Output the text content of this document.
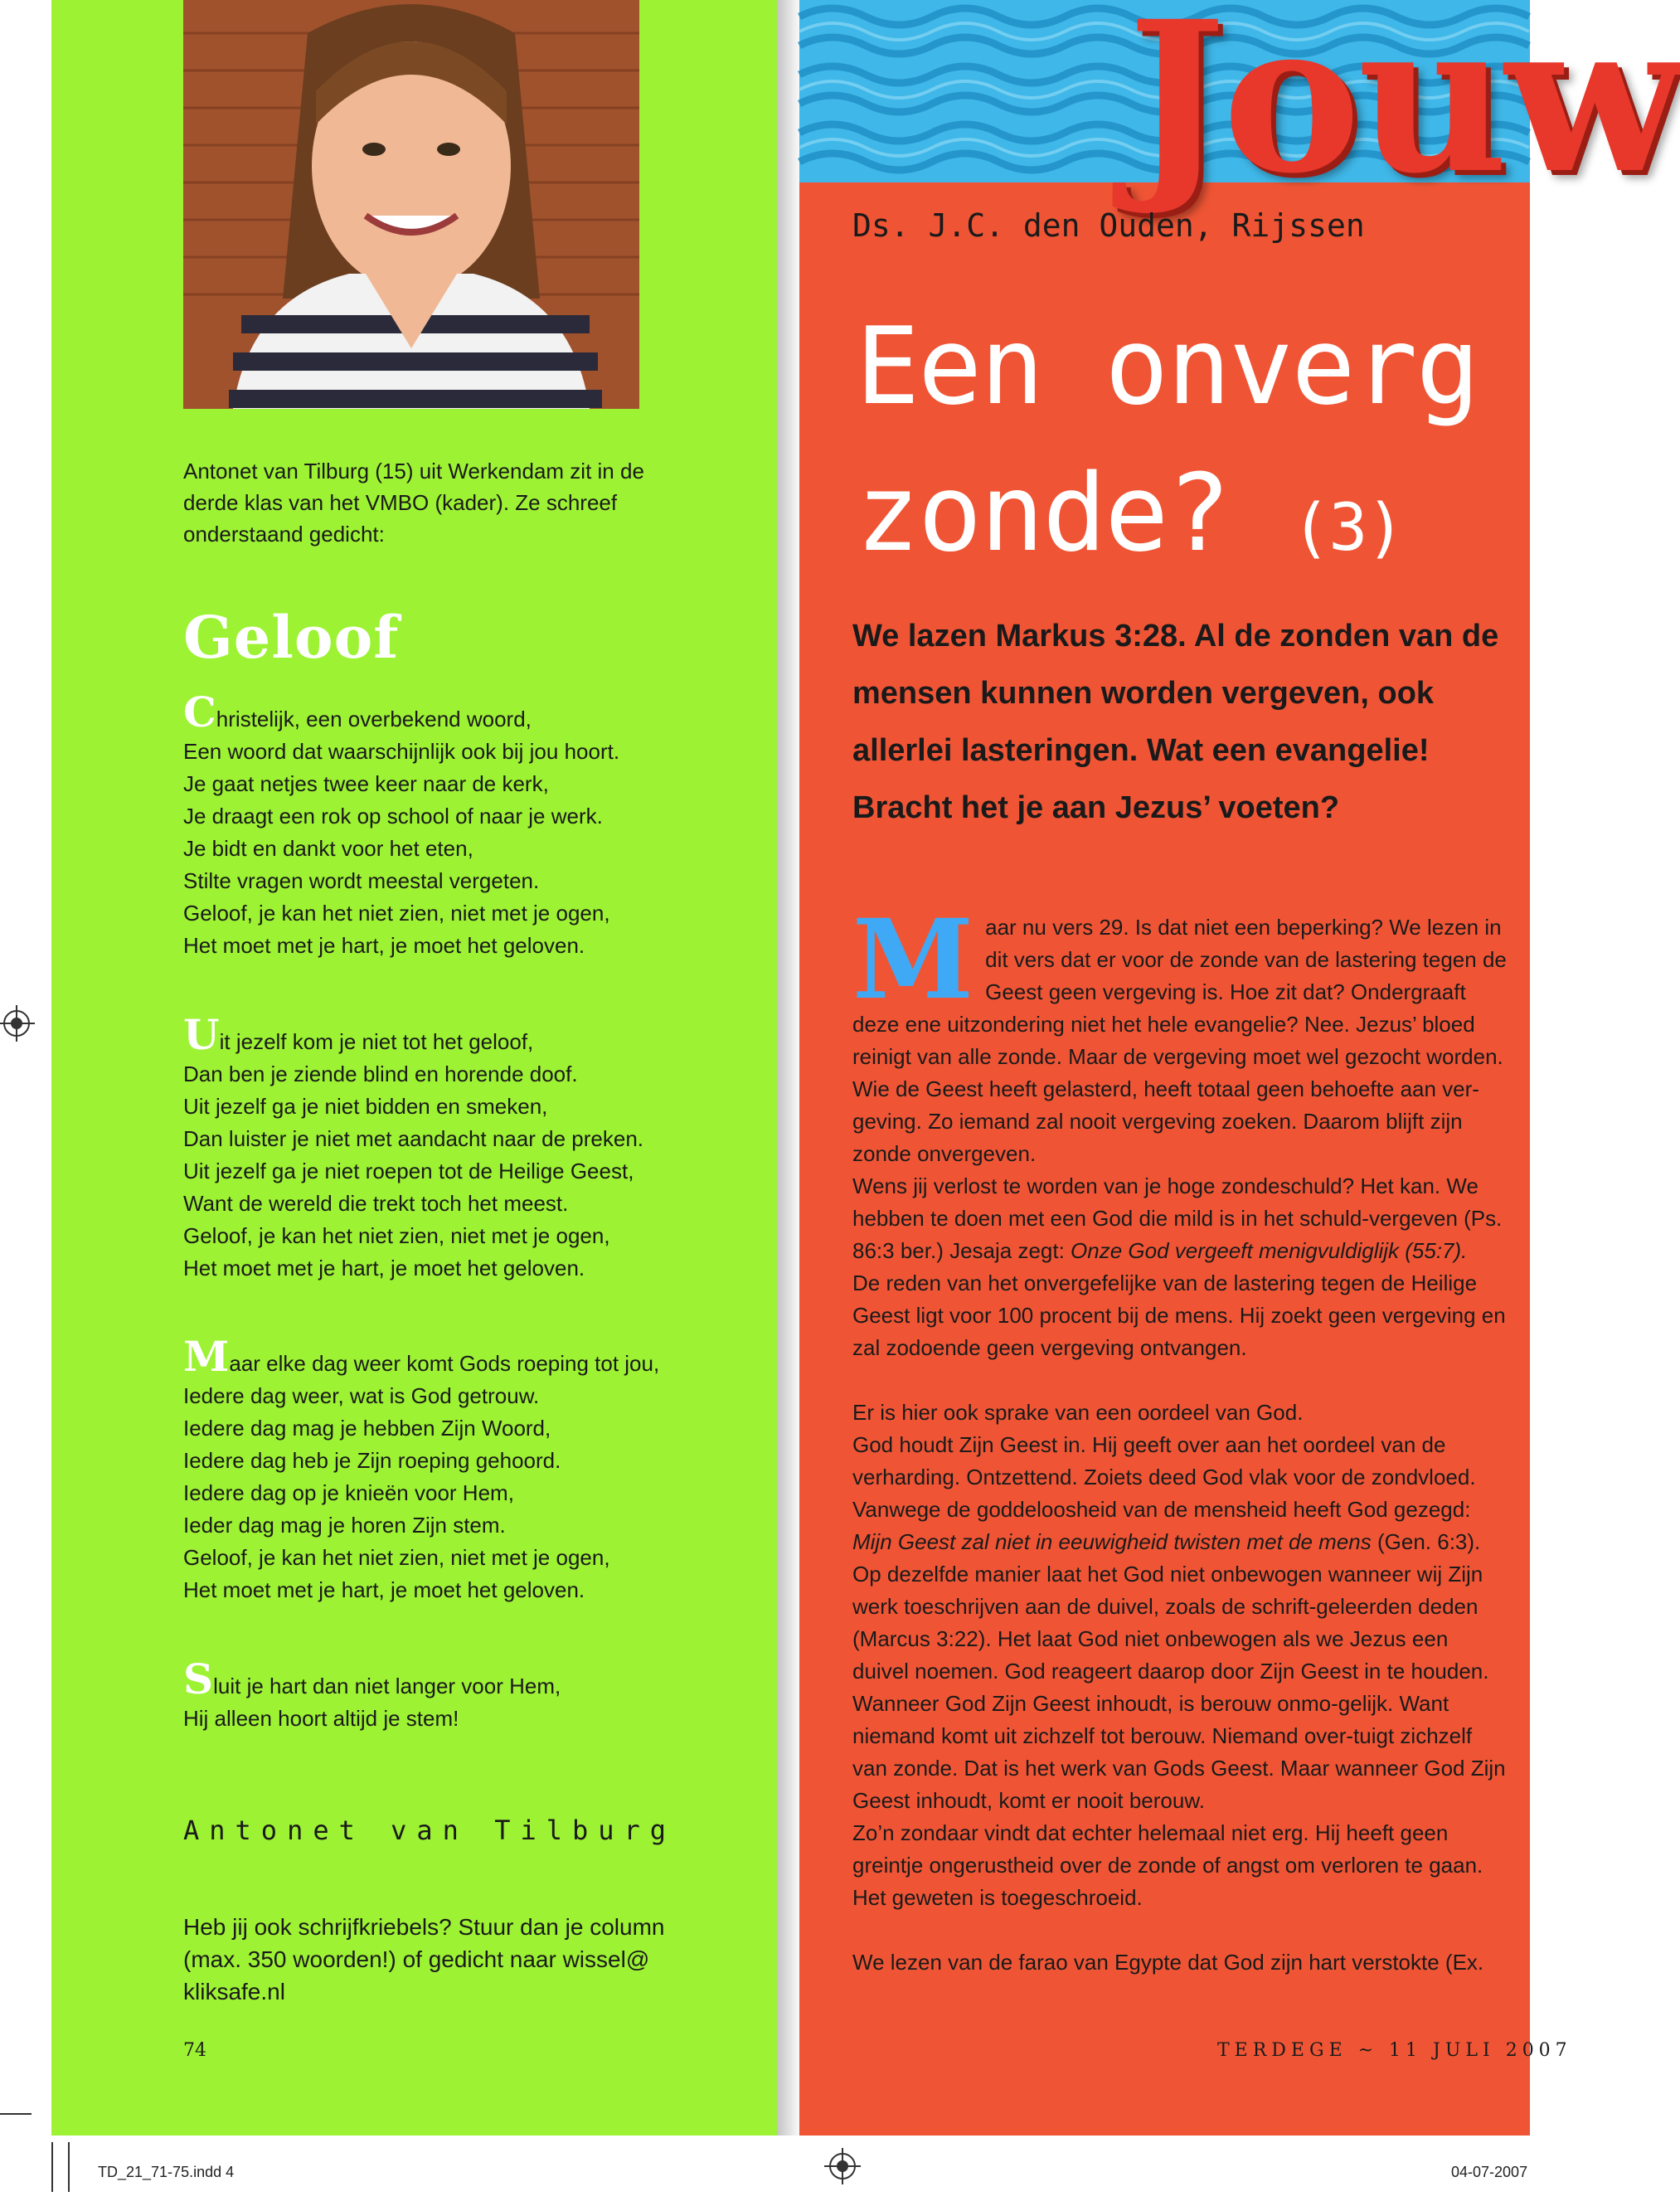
Antonet van Tilburg (15) uit Werkendam zit in de derde klas van het VMBO (kader). Ze schreef onderstaand gedicht:
Geloof

Christelijk, een overbekend woord,

Een woord dat waarschijnlijk ook bij jou hoort.

Je gaat netjes twee keer naar de kerk,

Je draagt een rok op school of naar je werk.

Je bidt en dankt voor het eten,

Stilte vragen wordt meestal vergeten.

Geloof, je kan het niet zien, niet met je ogen,

Het moet met je hart, je moet het geloven.

Uit jezelf kom je niet tot het geloof,

Dan ben je ziende blind en horende doof.

Uit jezelf ga je niet bidden en smeken,

Dan luister je niet met aandacht naar de preken.

Uit jezelf ga je niet roepen tot de Heilige Geest,

Want de wereld die trekt toch het meest.

Geloof, je kan het niet zien, niet met je ogen,

Het moet met je hart, je moet het geloven.

Maar elke dag weer komt Gods roeping tot jou,

Iedere dag weer, wat is God getrouw.

Iedere dag mag je hebben Zijn Woord,

Iedere dag heb je Zijn roeping gehoord.

Iedere dag op je knieën voor Hem,

Ieder dag mag je horen Zijn stem.

Geloof, je kan het niet zien, niet met je ogen,

Het moet met je hart, je moet het geloven.

Sluit je hart dan niet langer voor Hem,

Hij alleen hoort altijd je stem!

Antonet van Tilburg
Heb jij ook schrijfkriebels? Stuur dan je column (max. 350 woorden!) of gedicht naar wissel@ kliksafe.nl
74
Jouw
Ds. J.C. den Ouden, Rijssen
Een onverg
zonde? (3)
We lazen Markus 3:28. Al de zonden van de mensen kunnen worden vergeven, ook allerlei lasteringen. Wat een evangelie! Bracht het je aan Jezus’ voeten?

Maar nu vers 29. Is dat niet een beperking? We lezen in dit vers dat er voor de zonde van de lastering tegen de Geest geen vergeving is. Hoe zit dat? Ondergraaft deze ene uitzondering niet het hele evangelie? Nee. Jezus’ bloed reinigt van alle zonde. Maar de vergeving moet wel gezocht worden. Wie de Geest heeft gelasterd, heeft totaal geen behoefte aan ver-geving. Zo iemand zal nooit vergeving zoeken. Daarom blijft zijn zonde onvergeven.

Wens jij verlost te worden van je hoge zondeschuld? Het kan. We hebben te doen met een God die mild is in het schuld-vergeven (Ps. 86:3 ber.) Jesaja zegt: Onze God vergeeft menigvuldiglijk (55:7).

De reden van het onvergefelijke van de lastering tegen de Heilige Geest ligt voor 100 procent bij de mens. Hij zoekt geen vergeving en zal zodoende geen vergeving ontvangen.

Er is hier ook sprake van een oordeel van God.

God houdt Zijn Geest in. Hij geeft over aan het oordeel van de verharding. Ontzettend. Zoiets deed God vlak voor de zondvloed. Vanwege de goddeloosheid van de mensheid heeft God gezegd: Mijn Geest zal niet in eeuwigheid twisten met de mens (Gen. 6:3). Op dezelfde manier laat het God niet onbewogen wanneer wij Zijn werk toeschrijven aan de duivel, zoals de schrift-geleerden deden (Marcus 3:22). Het laat God niet onbewogen als we Jezus een duivel noemen. God reageert daarop door Zijn Geest in te houden. Wanneer God Zijn Geest inhoudt, is berouw onmo-gelijk. Want niemand komt uit zichzelf tot berouw. Niemand over-tuigt zichzelf van zonde. Dat is het werk van Gods Geest. Maar wanneer God Zijn Geest inhoudt, komt er nooit berouw.

Zo’n zondaar vindt dat echter helemaal niet erg. Hij heeft geen greintje ongerustheid over de zonde of angst om verloren te gaan. Het geweten is toegeschroeid.

We lezen van de farao van Egypte dat God zijn hart verstokte (Ex.

TERDEGE ~ 11 JULI 2007
TD_21_71-75.indd 4	04-07-2007
